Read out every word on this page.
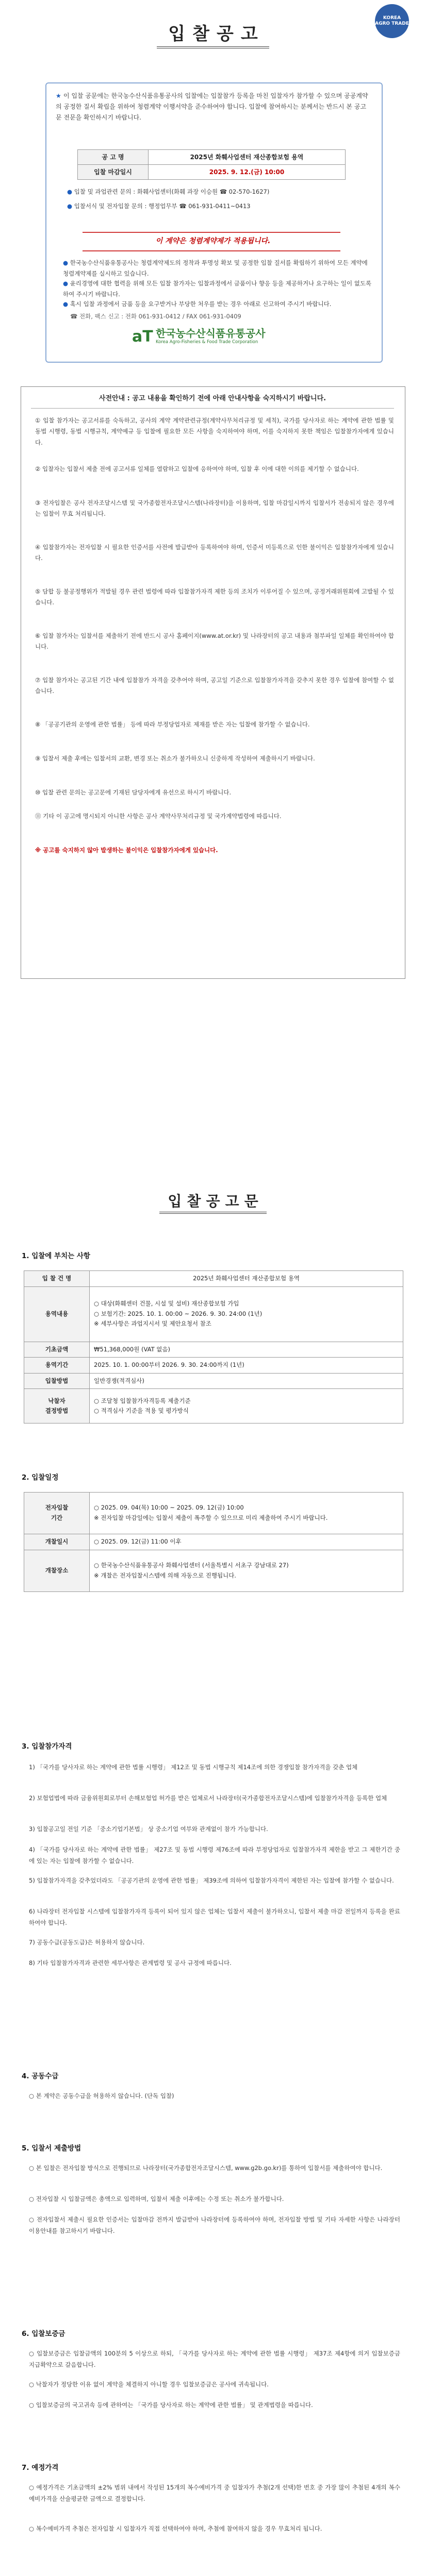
입찰공고
KOREA AGRO TRADE
★ 이 입찰 공문에는 한국농수산식품유통공사의 입찰에는 입찰참가 등록을 마친 입찰자가 참가할 수 있으며 공공계약의 공정한 질서 확립을 위하여 청렴계약 이행서약을 준수하여야 합니다. 입찰에 참여하시는 분께서는 반드시 본 공고문 전문을 확인하시기 바랍니다.
공 고 명	2025년 화훼사업센터 재산종합보험 용역
입찰 마감일시	2025. 9. 12.(금) 10:00
● 입찰 및 과업관련 문의 : 화훼사업센터(화훼 과장 이승원 ☎ 02-570-1627)
● 입찰서식 및 전자입찰 문의 : 행정업무부 ☎ 061-931-0411~0413
이 계약은 청렴계약제가 적용됩니다.
● 한국농수산식품유통공사는 청렴계약제도의 정착과 투명성 확보 및 공정한 입찰 질서를 확립하기 위하여 모든 계약에 청렴계약제를 실시하고 있습니다.
● 윤리경영에 대한 협력을 위해 모든 입찰 참가자는 입찰과정에서 금품이나 향응 등을 제공하거나 요구하는 일이 없도록 하여 주시기 바랍니다.
● 혹시 입찰 과정에서 금품 등을 요구받거나 부당한 처우를 받는 경우 아래로 신고하여 주시기 바랍니다.
☎ 전화, 팩스 신고 : 전화 061-931-0412 / FAX 061-931-0409
aT 한국농수산식품유통공사
Korea Agro-Fisheries & Food Trade Corporation
사전안내 : 공고 내용을 확인하기 전에 아래 안내사항을 숙지하시기 바랍니다.
① 입찰 참가자는 공고서류를 숙독하고, 공사의 계약 계약관련규정(계약사무처리규정 및 세칙), 국가를 당사자로 하는 계약에 관한 법률 및 동법 시행령, 동법 시행규칙, 계약예규 등 입찰에 필요한 모든 사항을 숙지하여야 하며, 이를 숙지하지 못한 책임은 입찰참가자에게 있습니다.
② 입찰자는 입찰서 제출 전에 공고서류 일체를 열람하고 입찰에 응하여야 하며, 입찰 후 이에 대한 이의를 제기할 수 없습니다.
③ 전자입찰은 공사 전자조달시스템 및 국가종합전자조달시스템(나라장터)을 이용하며, 입찰 마감일시까지 입찰서가 전송되지 않은 경우에는 입찰이 무효 처리됩니다.
④ 입찰참가자는 전자입찰 시 필요한 인증서를 사전에 발급받아 등록하여야 하며, 인증서 미등록으로 인한 불이익은 입찰참가자에게 있습니다.
⑤ 담합 등 불공정행위가 적발될 경우 관련 법령에 따라 입찰참가자격 제한 등의 조치가 이루어질 수 있으며, 공정거래위원회에 고발될 수 있습니다.
⑥ 입찰 참가자는 입찰서를 제출하기 전에 반드시 공사 홈페이지(www.at.or.kr) 및 나라장터의 공고 내용과 첨부파일 일체를 확인하여야 합니다.
⑦ 입찰 참가자는 공고된 기간 내에 입찰참가 자격을 갖추어야 하며, 공고일 기준으로 입찰참가자격을 갖추지 못한 경우 입찰에 참여할 수 없습니다.
⑧ 「공공기관의 운영에 관한 법률」 등에 따라 부정당업자로 제재를 받은 자는 입찰에 참가할 수 없습니다.
⑨ 입찰서 제출 후에는 입찰서의 교환, 변경 또는 취소가 불가하오니 신중하게 작성하여 제출하시기 바랍니다.
⑩ 입찰 관련 문의는 공고문에 기재된 담당자에게 유선으로 하시기 바랍니다.
⑪ 기타 이 공고에 명시되지 아니한 사항은 공사 계약사무처리규정 및 국가계약법령에 따릅니다.
※ 공고를 숙지하지 않아 발생하는 불이익은 입찰참가자에게 있습니다.
입찰공고문
1. 입찰에 부치는 사항
입 찰 건 명	2025년 화훼사업센터 재산종합보험 용역
용역내용	○ 대상(화훼센터 건물, 시설 및 설비) 재산종합보험 가입
○ 보험기간: 2025. 10. 1. 00:00 ~ 2026. 9. 30. 24:00 (1년)
※ 세부사항은 과업지시서 및 제안요청서 참조
기초금액	₩51,368,000원 (VAT 없음)
용역기간	2025. 10. 1. 00:00부터 2026. 9. 30. 24:00까지 (1년)
입찰방법	일반경쟁(적격심사)
낙찰자
결정방법	○ 조달청 입찰참가자격등록 제출기준
○ 적격심사 기준을 적용 및 평가방식
2. 입찰일정
전자입찰
기간	○ 2025. 09. 04(목) 10:00 ~ 2025. 09. 12(금) 10:00
※ 전자입찰 마감일에는 입찰서 제출이 폭주할 수 있으므로 미리 제출하여 주시기 바랍니다.
개찰일시	○ 2025. 09. 12(금) 11:00 이후
개찰장소	○ 한국농수산식품유통공사 화훼사업센터 (서울특별시 서초구 강남대로 27)
※ 개찰은 전자입찰시스템에 의해 자동으로 진행됩니다.
3. 입찰참가자격
1) 「국가를 당사자로 하는 계약에 관한 법률 시행령」 제12조 및 동법 시행규칙 제14조에 의한 경쟁입찰 참가자격을 갖춘 업체
2) 보험업법에 따라 금융위원회로부터 손해보험업 허가를 받은 업체로서 나라장터(국가종합전자조달시스템)에 입찰참가자격을 등록한 업체
3) 입찰공고일 전일 기준 「중소기업기본법」 상 중소기업 여부와 관계없이 참가 가능합니다.
4) 「국가를 당사자로 하는 계약에 관한 법률」 제27조 및 동법 시행령 제76조에 따라 부정당업자로 입찰참가자격 제한을 받고 그 제한기간 중에 있는 자는 입찰에 참가할 수 없습니다.
5) 입찰참가자격을 갖추었더라도 「공공기관의 운영에 관한 법률」 제39조에 의하여 입찰참가자격이 제한된 자는 입찰에 참가할 수 없습니다.
6) 나라장터 전자입찰 시스템에 입찰참가자격 등록이 되어 있지 않은 업체는 입찰서 제출이 불가하오니, 입찰서 제출 마감 전일까지 등록을 완료하여야 합니다.
7) 공동수급(공동도급)은 허용하지 않습니다.
8) 기타 입찰참가자격과 관련한 세부사항은 관계법령 및 공사 규정에 따릅니다.
4. 공동수급
○ 본 계약은 공동수급을 허용하지 않습니다. (단독 입찰)
5. 입찰서 제출방법
○ 본 입찰은 전자입찰 방식으로 진행되므로 나라장터(국가종합전자조달시스템, www.g2b.go.kr)를 통하여 입찰서를 제출하여야 합니다.
○ 전자입찰 시 입찰금액은 총액으로 입력하며, 입찰서 제출 이후에는 수정 또는 취소가 불가합니다.
○ 전자입찰서 제출시 필요한 인증서는 입찰마감 전까지 발급받아 나라장터에 등록하여야 하며, 전자입찰 방법 및 기타 자세한 사항은 나라장터 이용안내를 참고하시기 바랍니다.
6. 입찰보증금
○ 입찰보증금은 입찰금액의 100분의 5 이상으로 하되, 「국가를 당사자로 하는 계약에 관한 법률 시행령」 제37조 제4항에 의거 입찰보증금 지급확약으로 갈음합니다.
○ 낙찰자가 정당한 이유 없이 계약을 체결하지 아니할 경우 입찰보증금은 공사에 귀속됩니다.
○ 입찰보증금의 국고귀속 등에 관하여는 「국가를 당사자로 하는 계약에 관한 법률」 및 관계법령을 따릅니다.
7. 예정가격
○ 예정가격은 기초금액의 ±2% 범위 내에서 작성된 15개의 복수예비가격 중 입찰자가 추첨(2개 선택)한 번호 중 가장 많이 추첨된 4개의 복수예비가격을 산술평균한 금액으로 결정합니다.
○ 복수예비가격 추첨은 전자입찰 시 입찰자가 직접 선택하여야 하며, 추첨에 참여하지 않을 경우 무효처리 됩니다.
